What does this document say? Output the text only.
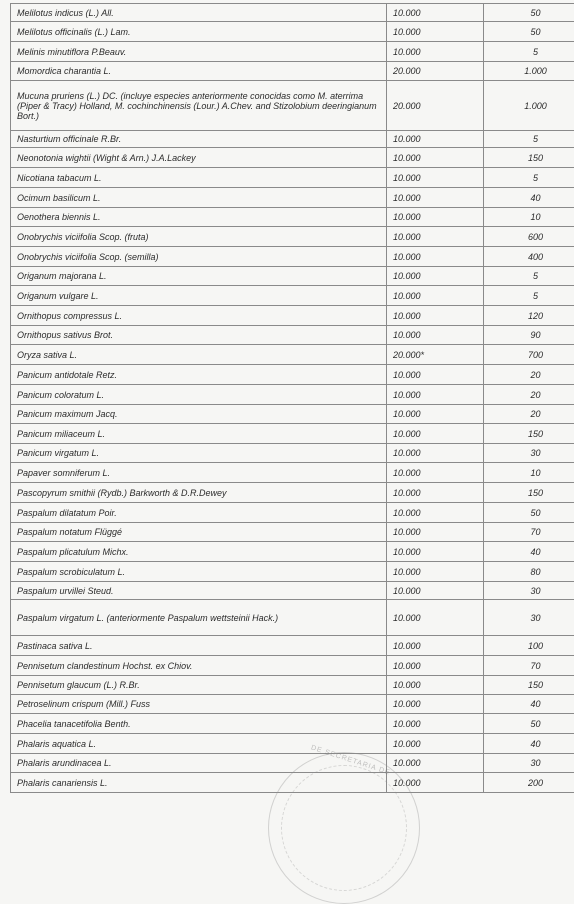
Melilotus indicus (L.) All.	10.000	50
Melilotus officinalis (L.) Lam.	10.000	50
Melinis minutiflora P.Beauv.	10.000	5
Momordica charantia L.	20.000	1.000
Mucuna pruriens (L.) DC. (incluye especies anteriormente conocidas como M. aterrima (Piper & Tracy) Holland, M. cochinchinensis (Lour.) A.Chev. and Stizolobium deeringianum Bort.)	20.000	1.000
Nasturtium officinale R.Br.	10.000	5
Neonotonia wightii (Wight & Arn.) J.A.Lackey	10.000	150
Nicotiana tabacum L.	10.000	5
Ocimum basilicum L.	10.000	40
Oenothera biennis L.	10.000	10
Onobrychis viciifolia Scop. (fruta)	10.000	600
Onobrychis viciifolia Scop. (semilla)	10.000	400
Origanum majorana L.	10.000	5
Origanum vulgare L.	10.000	5
Ornithopus compressus L.	10.000	120
Ornithopus sativus Brot.	10.000	90
Oryza sativa L.	20.000*	700
Panicum antidotale Retz.	10.000	20
Panicum coloratum L.	10.000	20
Panicum maximum Jacq.	10.000	20
Panicum miliaceum L.	10.000	150
Panicum virgatum L.	10.000	30
Papaver somniferum L.	10.000	10
Pascopyrum smithii (Rydb.) Barkworth & D.R.Dewey	10.000	150
Paspalum dilatatum Poir.	10.000	50
Paspalum notatum Flüggé	10.000	70
Paspalum plicatulum Michx.	10.000	40
Paspalum scrobiculatum L.	10.000	80
Paspalum urvillei Steud.	10.000	30
Paspalum virgatum L. (anteriormente Paspalum wettsteinii Hack.)	10.000	30
Pastinaca sativa L.	10.000	100
Pennisetum clandestinum Hochst. ex Chiov.	10.000	70
Pennisetum glaucum (L.) R.Br.	10.000	150
Petroselinum crispum (Mill.) Fuss	10.000	40
Phacelia tanacetifolia Benth.	10.000	50
Phalaris aquatica L.	10.000	40
Phalaris arundinacea L.	10.000	30
Phalaris canariensis L.	10.000	200
DE SECRETARIA DE
